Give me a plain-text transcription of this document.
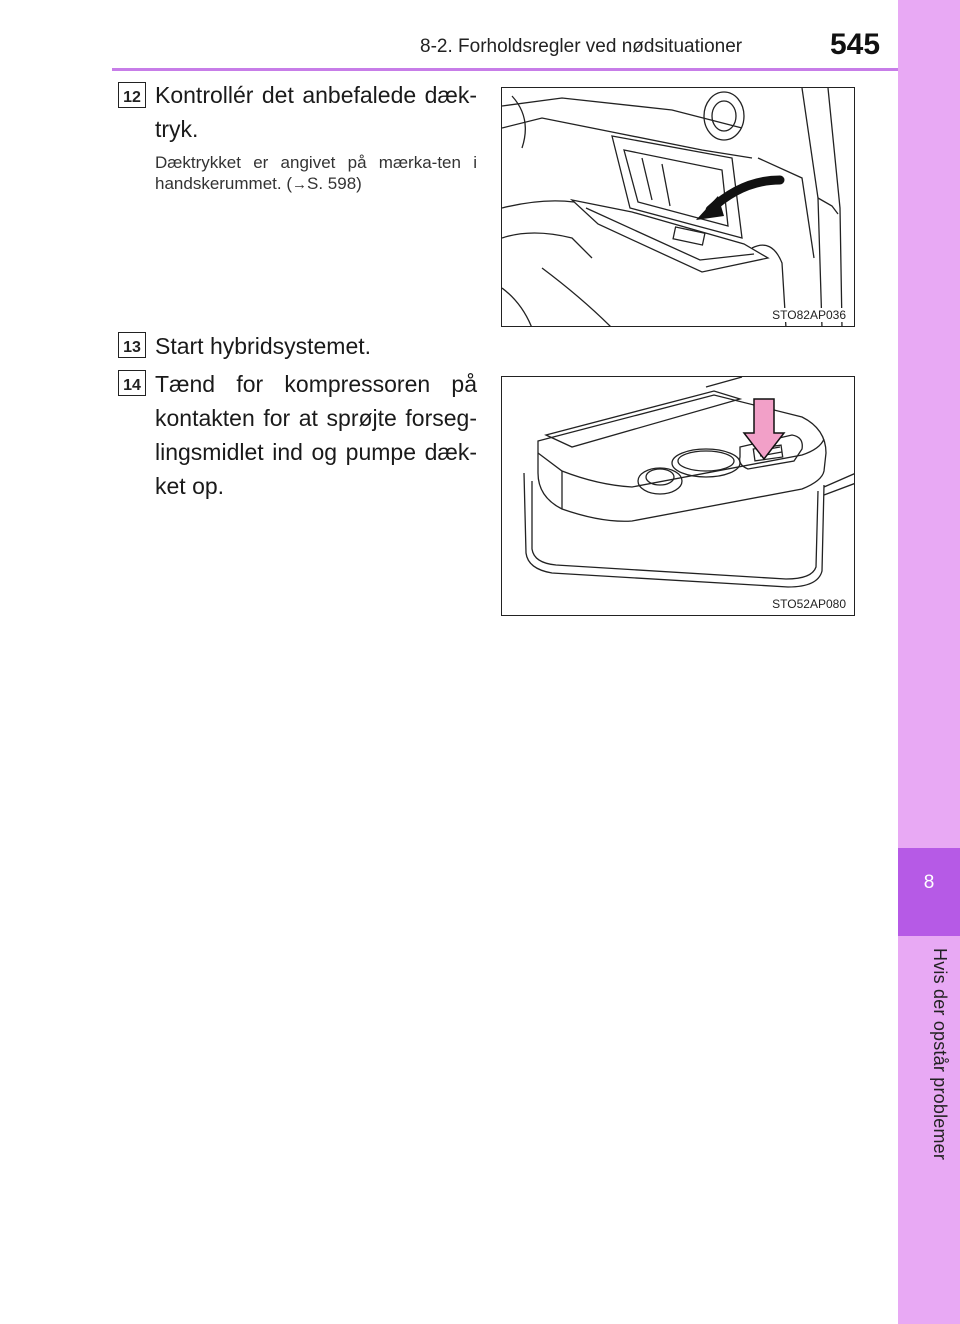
8
Hvis der opstår problemer
8-2. Forholdsregler ved nødsituationer	545
12 Kontrollér det anbefalede dæk-tryk.
Dæktrykket er angivet på mærka-ten i handskerummet. (→S. 598)
STO82AP036
13 Start hybridsystemet.
14 Tænd for kompressoren på kontakten for at sprøjte forseg-lingsmidlet ind og pumpe dæk-ket op.
STO52AP080
